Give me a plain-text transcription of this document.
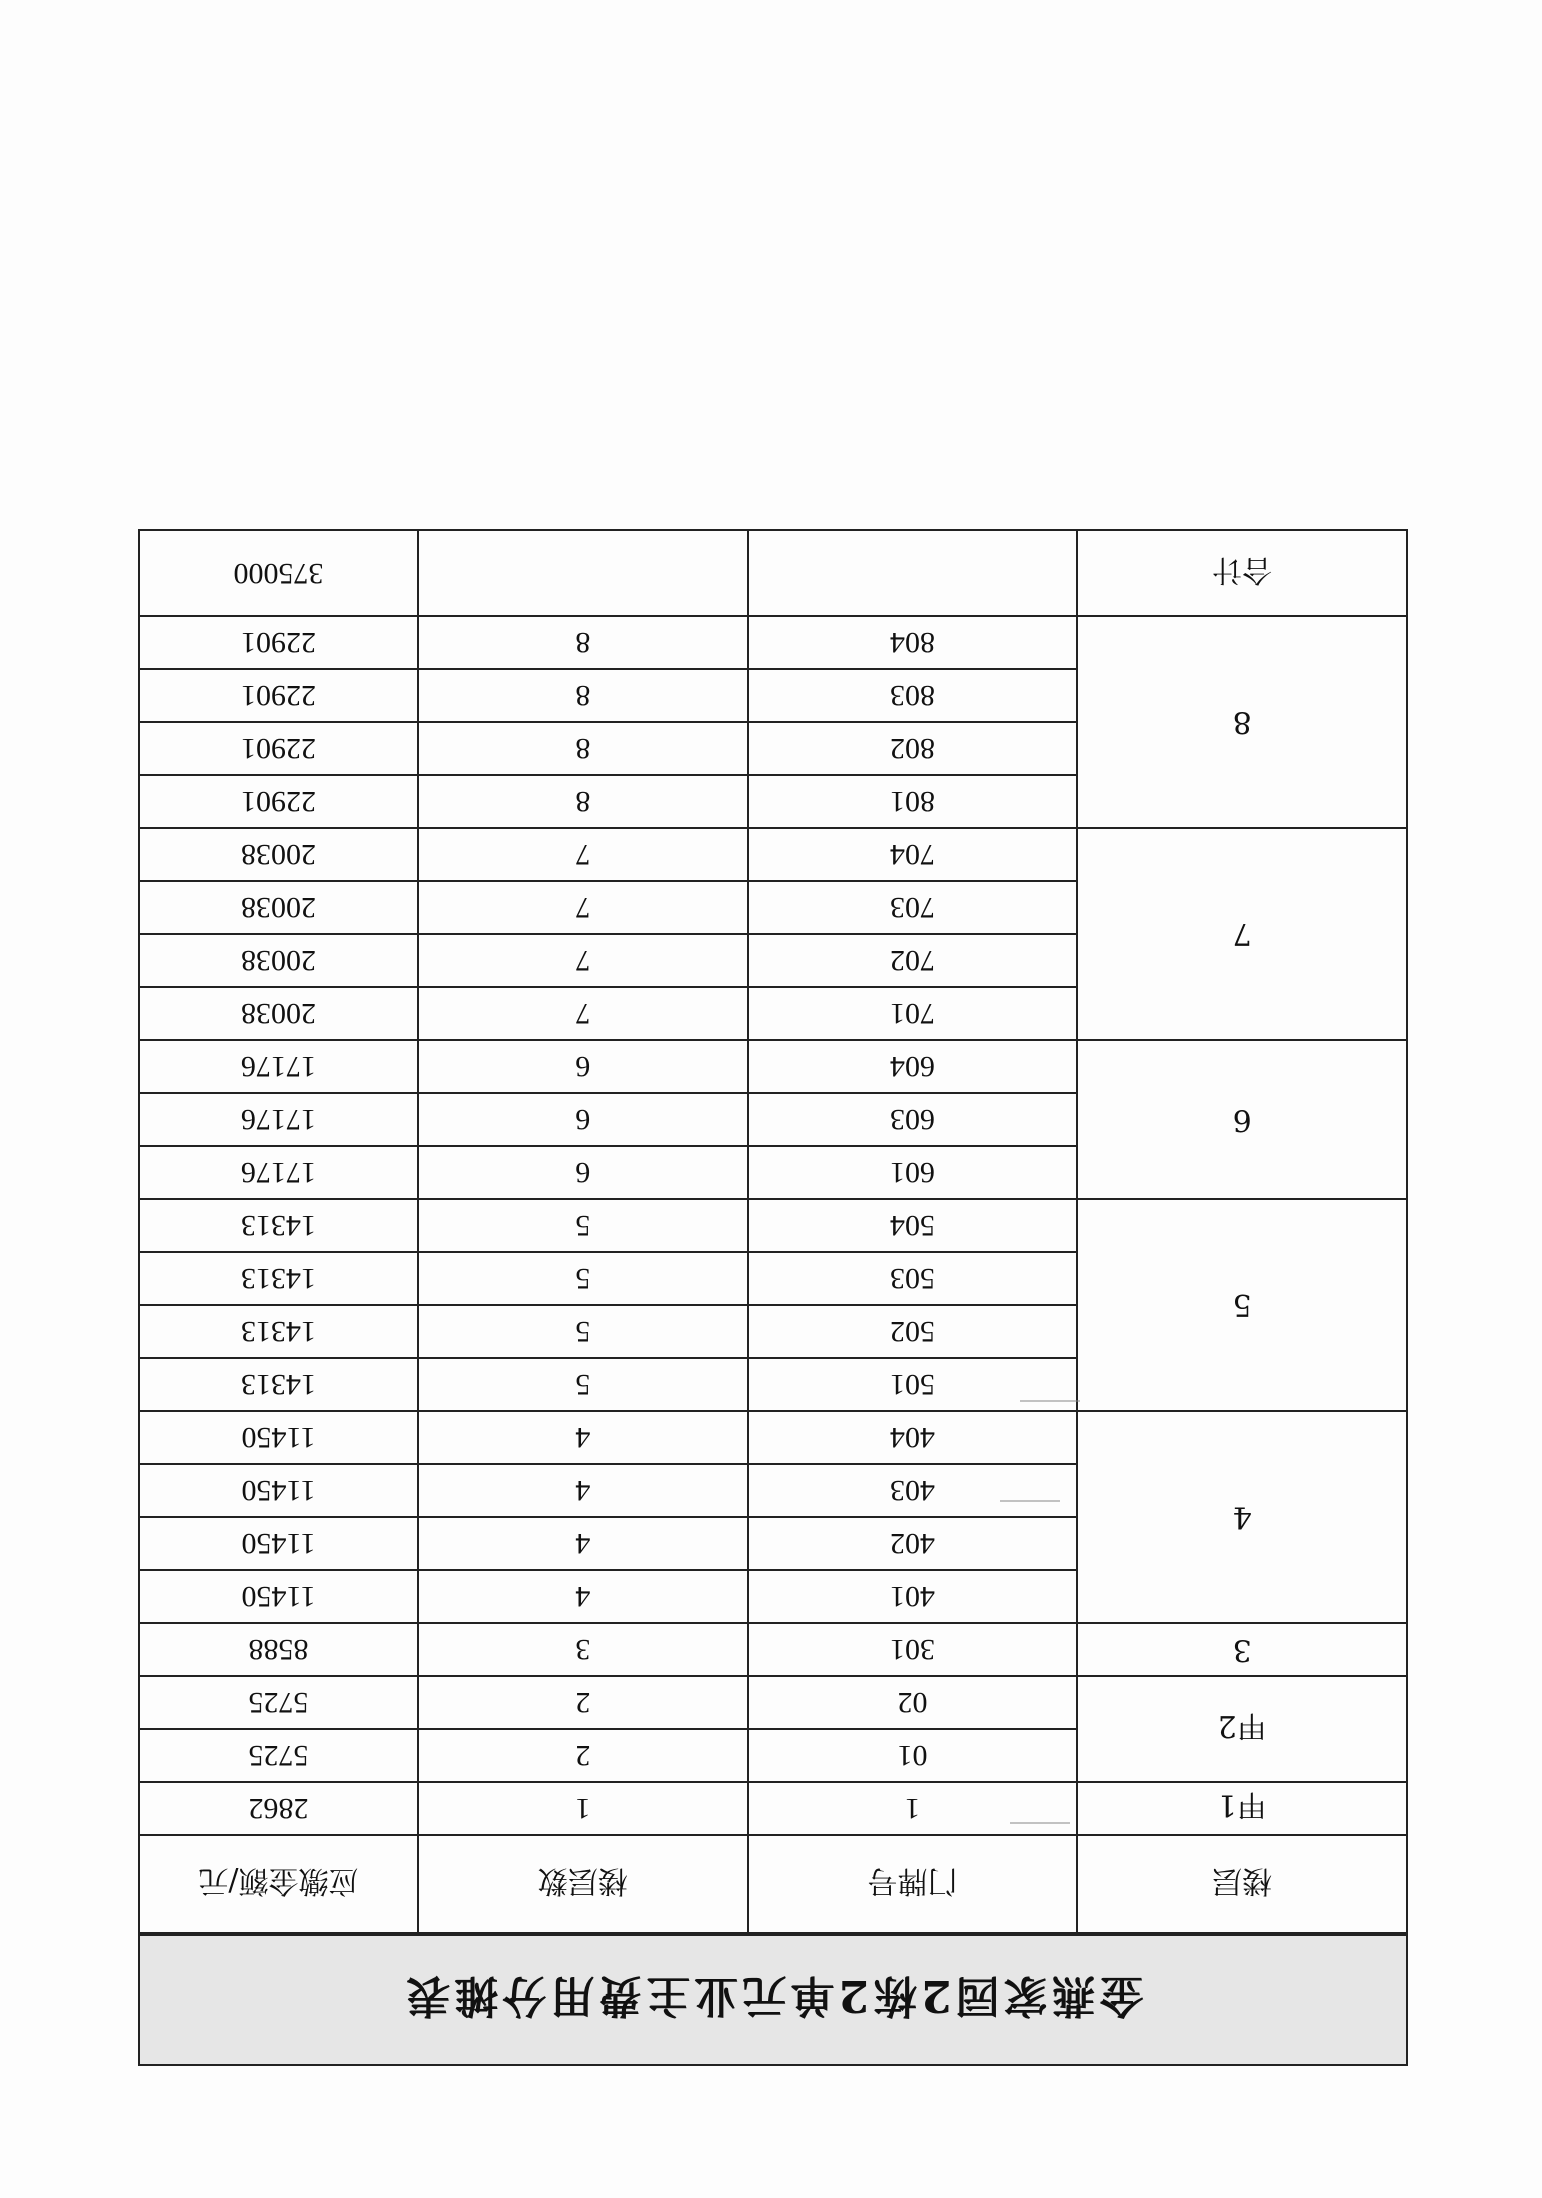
金燕家园2栋2单元业主费用分摊表
楼层	门牌号	楼层数	应缴金额/元
甲1	1	1	2862
甲2	01	2	5725
	02	2	5725
3	301	3	8588
4	401	4	11450
	402	4	11450
	403	4	11450
	404	4	11450
5	501	5	14313
	502	5	14313
	503	5	14313
	504	5	14313
6	601	6	17176
	603	6	17176
	604	6	17176
7	701	7	20038
	702	7	20038
	703	7	20038
	704	7	20038
8	801	8	22901
	802	8	22901
	803	8	22901
	804	8	22901
合计			375000
